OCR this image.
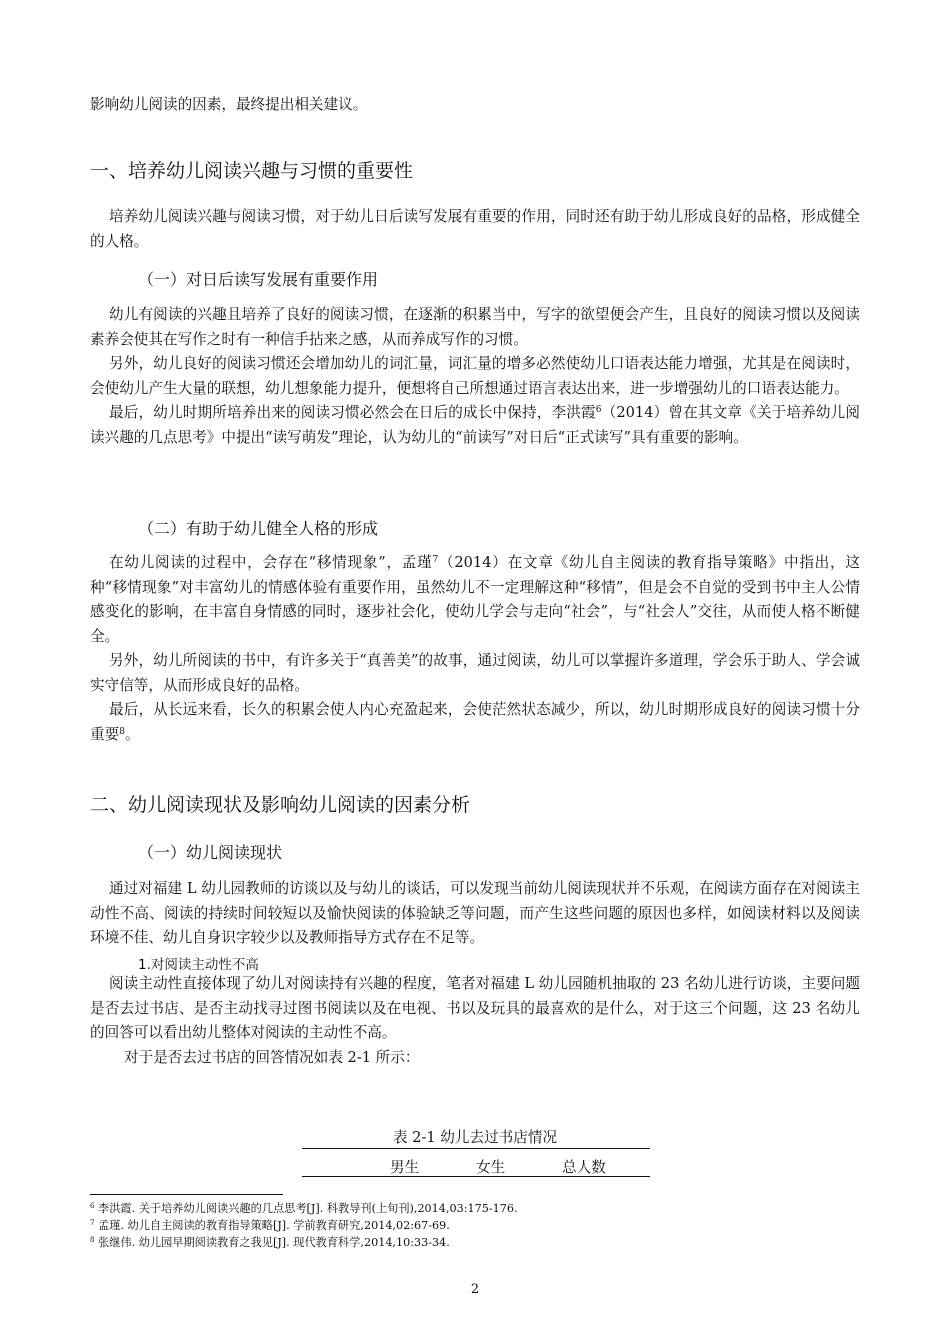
影响幼儿阅读的因素，最终提出相关建议。

一、培养幼儿阅读兴趣与习惯的重要性

培养幼儿阅读兴趣与阅读习惯，对于幼儿日后读写发展有重要的作用，同时还有助于幼儿形成良好的品格，形成健全的人格。

（一）对日后读写发展有重要作用

幼儿有阅读的兴趣且培养了良好的阅读习惯，在逐渐的积累当中，写字的欲望便会产生，且良好的阅读习惯以及阅读素养会使其在写作之时有一种信手拈来之感，从而养成写作的习惯。

另外，幼儿良好的阅读习惯还会增加幼儿的词汇量，词汇量的增多必然使幼儿口语表达能力增强，尤其是在阅读时，会使幼儿产生大量的联想，幼儿想象能力提升，便想将自己所想通过语言表达出来，进一步增强幼儿的口语表达能力。

最后，幼儿时期所培养出来的阅读习惯必然会在日后的成长中保持，李洪霞$^6$（2014）曾在其文章《关于培养幼儿阅读兴趣的几点思考》中提出“读写萌发”理论，认为幼儿的“前读写”对日后“正式读写”具有重要的影响。

（二）有助于幼儿健全人格的形成

在幼儿阅读的过程中，会存在“移情现象”，孟瑾$^7$（2014）在文章《幼儿自主阅读的教育指导策略》中指出，这种“移情现象”对丰富幼儿的情感体验有重要作用，虽然幼儿不一定理解这种“移情”，但是会不自觉的受到书中主人公情感变化的影响，在丰富自身情感的同时，逐步社会化，使幼儿学会与走向“社会”，与“社会人”交往，从而使人格不断健全。

另外，幼儿所阅读的书中，有许多关于“真善美”的故事，通过阅读，幼儿可以掌握许多道理，学会乐于助人、学会诚实守信等，从而形成良好的品格。

最后，从长远来看，长久的积累会使人内心充盈起来，会使茫然状态减少，所以，幼儿时期形成良好的阅读习惯十分重要$^8$。

二、幼儿阅读现状及影响幼儿阅读的因素分析
（一）幼儿阅读现状

通过对福建 L 幼儿园教师的访谈以及与幼儿的谈话，可以发现当前幼儿阅读现状并不乐观，在阅读方面存在对阅读主动性不高、阅读的持续时间较短以及愉快阅读的体验缺乏等问题，而产生这些问题的原因也多样，如阅读材料以及阅读环境不佳、幼儿自身识字较少以及教师指导方式存在不足等。

1.对阅读主动性不高

阅读主动性直接体现了幼儿对阅读持有兴趣的程度，笔者对福建 L 幼儿园随机抽取的 23 名幼儿进行访谈，主要问题是否去过书店、是否主动找寻过图书阅读以及在电视、书以及玩具的最喜欢的是什么，对于这三个问题，这 23 名幼儿的回答可以看出幼儿整体对阅读的主动性不高。

对于是否去过书店的回答情况如表 2-1 所示：

表 2-1 幼儿去过书店情况
男生	女生	总人数
$^6$ 李洪霞. 关于培养幼儿阅读兴趣的几点思考[J]. 科教导刊(上旬刊),2014,03:175-176.
$^7$ 孟瑾. 幼儿自主阅读的教育指导策略[J]. 学前教育研究,2014,02:67-69.
$^8$ 张继伟. 幼儿园早期阅读教育之我见[J]. 现代教育科学,2014,10:33-34.
2
